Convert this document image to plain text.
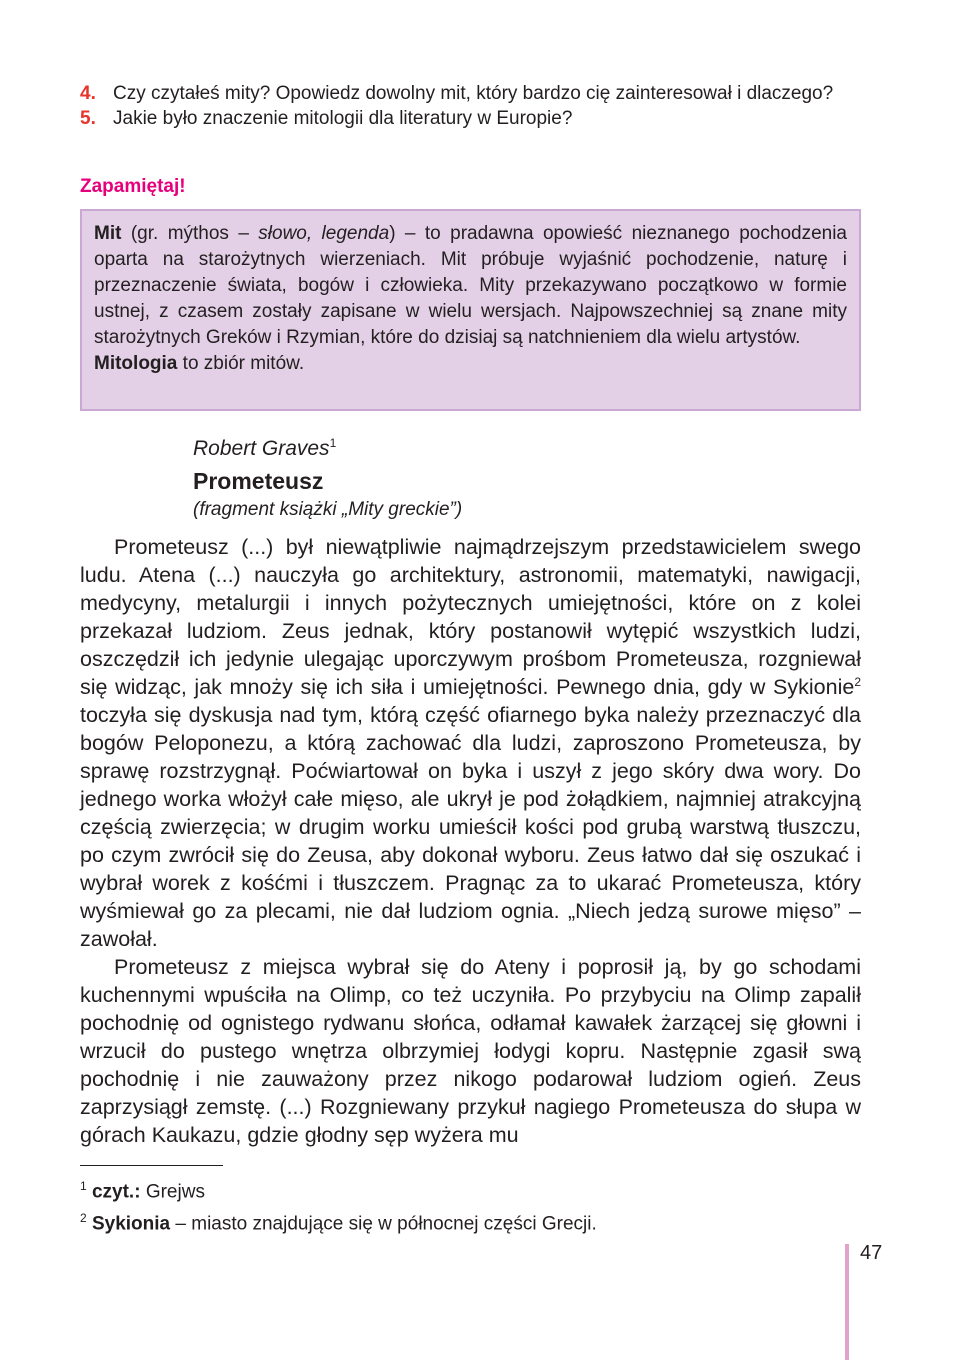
4. Czy czytałeś mity? Opowiedz dowolny mit, który bardzo cię zainteresował i dlaczego?
5. Jakie było znaczenie mitologii dla literatury w Europie?
Zapamiętaj!

Mit (gr. mýthos – słowo, legenda) – to pradawna opowieść nieznanego pochodzenia oparta na starożytnych wierzeniach. Mit próbuje wyjaśnić pochodzenie, naturę i przeznaczenie świata, bogów i człowieka. Mity przekazywano początkowo w formie ustnej, z czasem zostały zapisane w wielu wersjach. Najpowszechniej są znane mity starożytnych Greków i Rzymian, które do dzisiaj są natchnieniem dla wielu artystów.

Mitologia to zbiór mitów.

Robert Graves$^1$
Prometeusz
(fragment książki „Mity greckie”)

Prometeusz (...) był niewątpliwie najmądrzejszym przedstawicielem swego ludu. Atena (...) nauczyła go architektury, astronomii, matematyki, nawigacji, medycyny, metalurgii i innych pożytecznych umiejętności, które on z kolei przekazał ludziom. Zeus jednak, który postanowił wytępić wszystkich ludzi, oszczędził ich jedynie ulegając uporczywym prośbom Prometeusza, rozgniewał się widząc, jak mnoży się ich siła i umiejętności. Pewnego dnia, gdy w Sykionie$^2$ toczyła się dyskusja nad tym, którą część ofiarnego byka należy przeznaczyć dla bogów Peloponezu, a którą zachować dla ludzi, zaproszono Prometeusza, by sprawę rozstrzygnął. Poćwiartował on byka i uszył z jego skóry dwa wory. Do jednego worka włożył całe mięso, ale ukrył je pod żołądkiem, najmniej atrakcyjną częścią zwierzęcia; w drugim worku umieścił kości pod grubą warstwą tłuszczu, po czym zwrócił się do Zeusa, aby dokonał wyboru. Zeus łatwo dał się oszukać i wybrał worek z kośćmi i tłuszczem. Pragnąc za to ukarać Prometeusza, który wyśmiewał go za plecami, nie dał ludziom ognia. „Niech jedzą surowe mięso” – zawołał.

Prometeusz z miejsca wybrał się do Ateny i poprosił ją, by go schodami kuchennymi wpuściła na Olimp, co też uczyniła. Po przybyciu na Olimp zapalił pochodnię od ognistego rydwanu słońca, odłamał kawałek żarzącej się głowni i wrzucił do pustego wnętrza olbrzymiej łodygi kopru. Następnie zgasił swą pochodnię i nie zauważony przez nikogo podarował ludziom ogień. Zeus zaprzysiągł zemstę. (...) Rozgniewany przykuł nagiego Prometeusza do słupa w górach Kaukazu, gdzie głodny sęp wyżera mu

$^1$ czyt.: Grejws
$^2$ Sykionia – miasto znajdujące się w północnej części Grecji.
47
